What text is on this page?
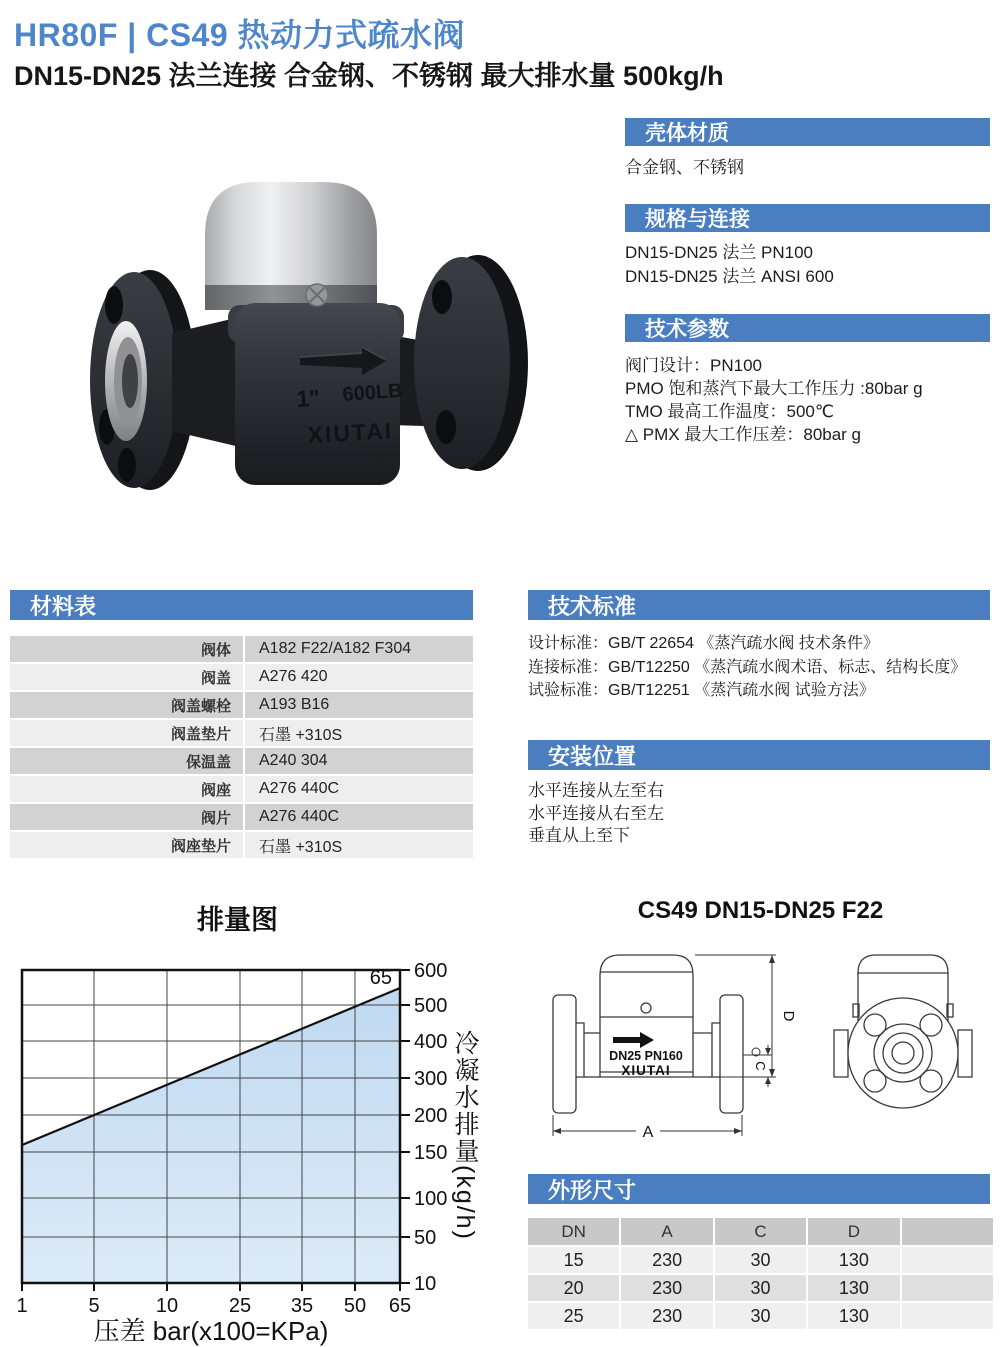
HR80F | CS49 热动力式疏水阀
DN15-DN25 法兰连接 合金钢、不锈钢 最大排水量 500kg/h
1" 600LB
XIUTAI
壳体材质
合金钢、不锈钢
规格与连接
DN15-DN25 法兰 PN100
DN15-DN25 法兰 ANSI 600
技术参数
阀门设计：PN100
PMO 饱和蒸汽下最大工作压力 :80bar g
TMO 最高工作温度：500℃
△ PMX 最大工作压差：80bar g
材料表
阀体	A182 F22/A182 F304
阀盖	A276 420
阀盖螺栓	A193 B16
阀盖垫片	石墨 +310S
保温盖	A240 304
阀座	A276 440C
阀片	A276 440C
阀座垫片	石墨 +310S
技术标准
设计标准：GB/T 22654 《蒸汽疏水阀 技术条件》
连接标准：GB/T12250 《蒸汽疏水阀术语、标志、结构长度》
试验标准：GB/T12251 《蒸汽疏水阀 试验方法》
安装位置
水平连接从左至右
水平连接从右至左
垂直从上至下
排量图
65 600
500
400
300
200
150
100
50
10
1	5	10	25 35 50 65
压差 bar(x100=KPa)
冷凝水排量(kg/h)
CS49 DN15-DN25 F22
DN25 PN160
XIUTAI
D
C
A
外形尺寸
DN	A	C	D
15	230	30	130
20	230	30	130
25	230	30	130
